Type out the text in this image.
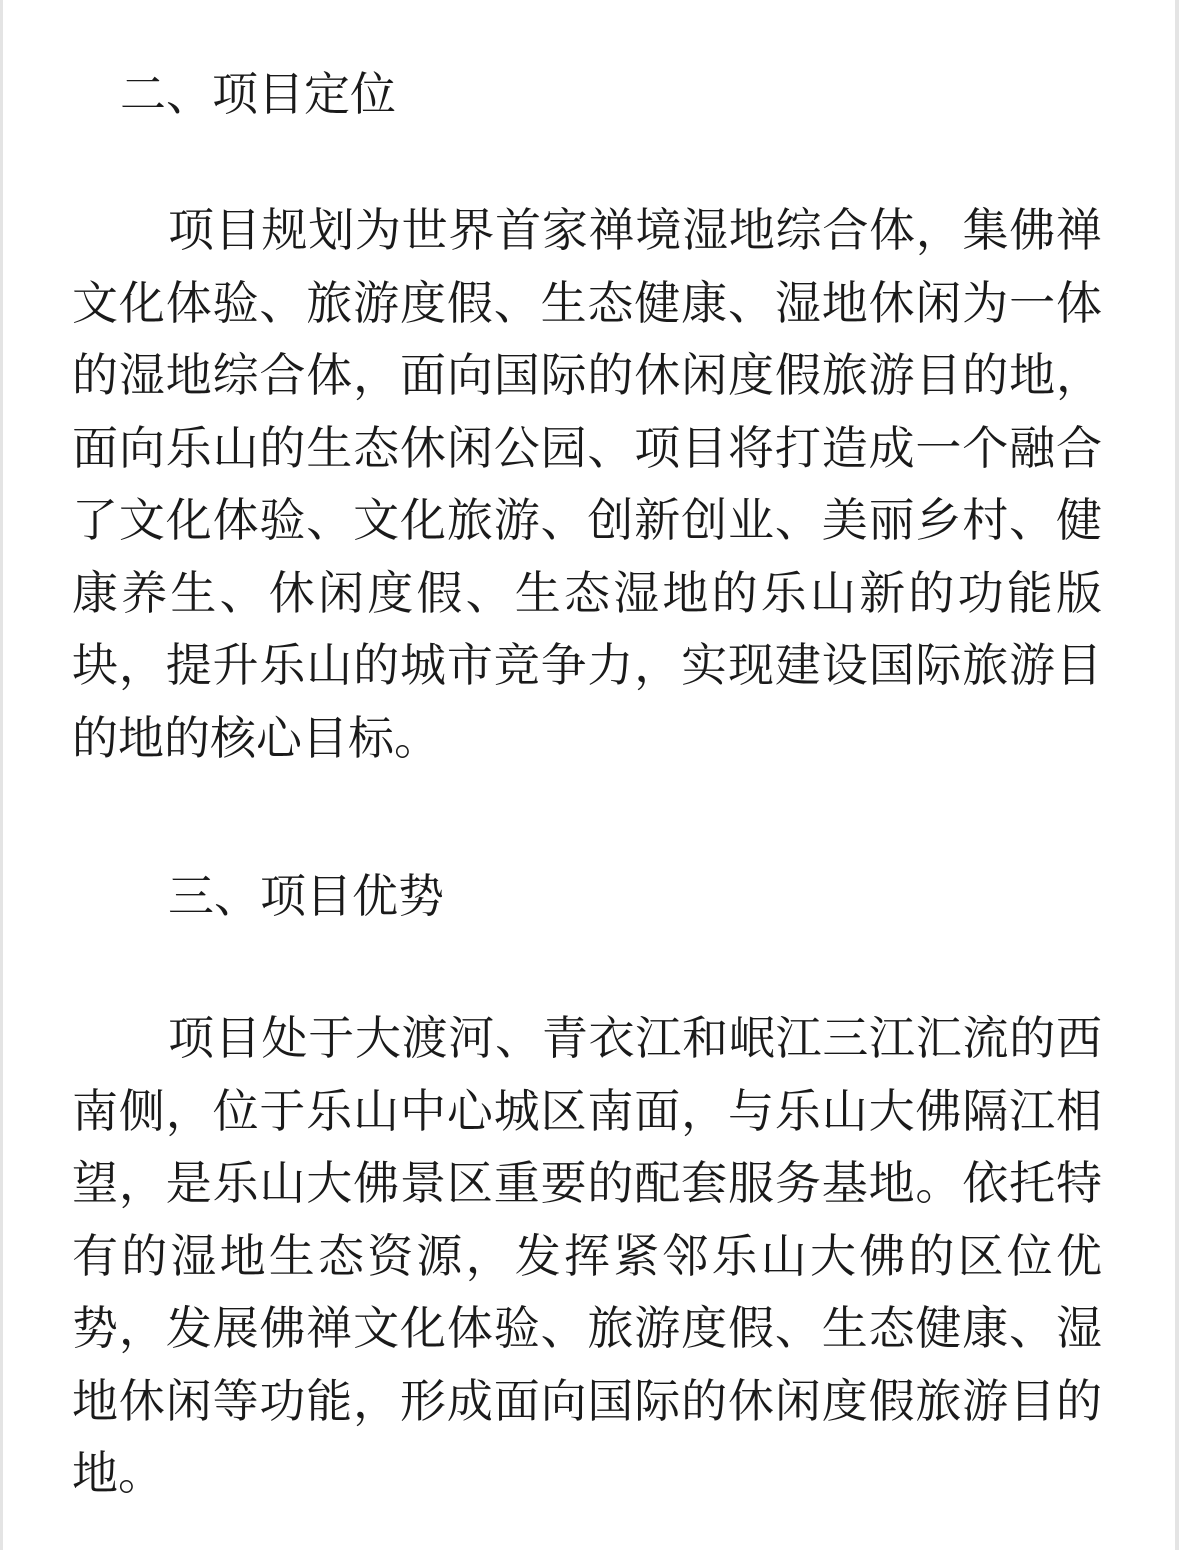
二、项目定位

项目规划为世界首家禅境湿地综合体，集佛禅文化体验、旅游度假、生态健康、湿地休闲为一体的湿地综合体，面向国际的休闲度假旅游目的地，面向乐山的生态休闲公园、项目将打造成一个融合了文化体验、文化旅游、创新创业、美丽乡村、健康养生、休闲度假、生态湿地的乐山新的功能版块，提升乐山的城市竞争力，实现建设国际旅游目的地的核心目标。

三、项目优势

项目处于大渡河、青衣江和岷江三江汇流的西南侧，位于乐山中心城区南面，与乐山大佛隔江相望，是乐山大佛景区重要的配套服务基地。依托特有的湿地生态资源，发挥紧邻乐山大佛的区位优势，发展佛禅文化体验、旅游度假、生态健康、湿地休闲等功能，形成面向国际的休闲度假旅游目的地。
